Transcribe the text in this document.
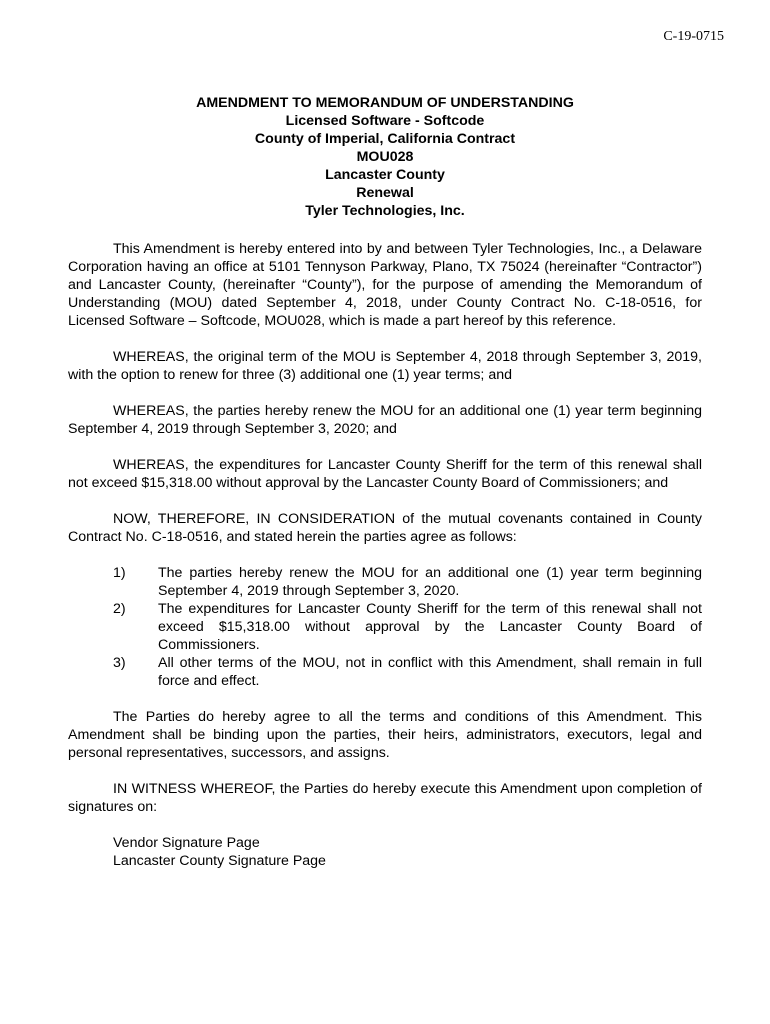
C-19-0715
AMENDMENT TO MEMORANDUM OF UNDERSTANDING
Licensed Software - Softcode
County of Imperial, California Contract
MOU028
Lancaster County
Renewal
Tyler Technologies, Inc.

This Amendment is hereby entered into by and between Tyler Technologies, Inc., a Delaware Corporation having an office at 5101 Tennyson Parkway, Plano, TX 75024 (hereinafter “Contractor”) and Lancaster County, (hereinafter “County”), for the purpose of amending the Memorandum of Understanding (MOU) dated September 4, 2018, under County Contract No. C-18-0516, for Licensed Software – Softcode, MOU028, which is made a part hereof by this reference.

WHEREAS, the original term of the MOU is September 4, 2018 through September 3, 2019, with the option to renew for three (3) additional one (1) year terms; and

WHEREAS, the parties hereby renew the MOU for an additional one (1) year term beginning September 4, 2019 through September 3, 2020; and

WHEREAS, the expenditures for Lancaster County Sheriff for the term of this renewal shall not exceed $15,318.00 without approval by the Lancaster County Board of Commissioners; and

NOW, THEREFORE, IN CONSIDERATION of the mutual covenants contained in County Contract No. C-18-0516, and stated herein the parties agree as follows:

1)	The parties hereby renew the MOU for an additional one (1) year term beginning September 4, 2019 through September 3, 2020.
2)	The expenditures for Lancaster County Sheriff for the term of this renewal shall not exceed $15,318.00 without approval by the Lancaster County Board of Commissioners.
3)	All other terms of the MOU, not in conflict with this Amendment, shall remain in full force and effect.

The Parties do hereby agree to all the terms and conditions of this Amendment. This Amendment shall be binding upon the parties, their heirs, administrators, executors, legal and personal representatives, successors, and assigns.

IN WITNESS WHEREOF, the Parties do hereby execute this Amendment upon completion of signatures on:

Vendor Signature Page
Lancaster County Signature Page
